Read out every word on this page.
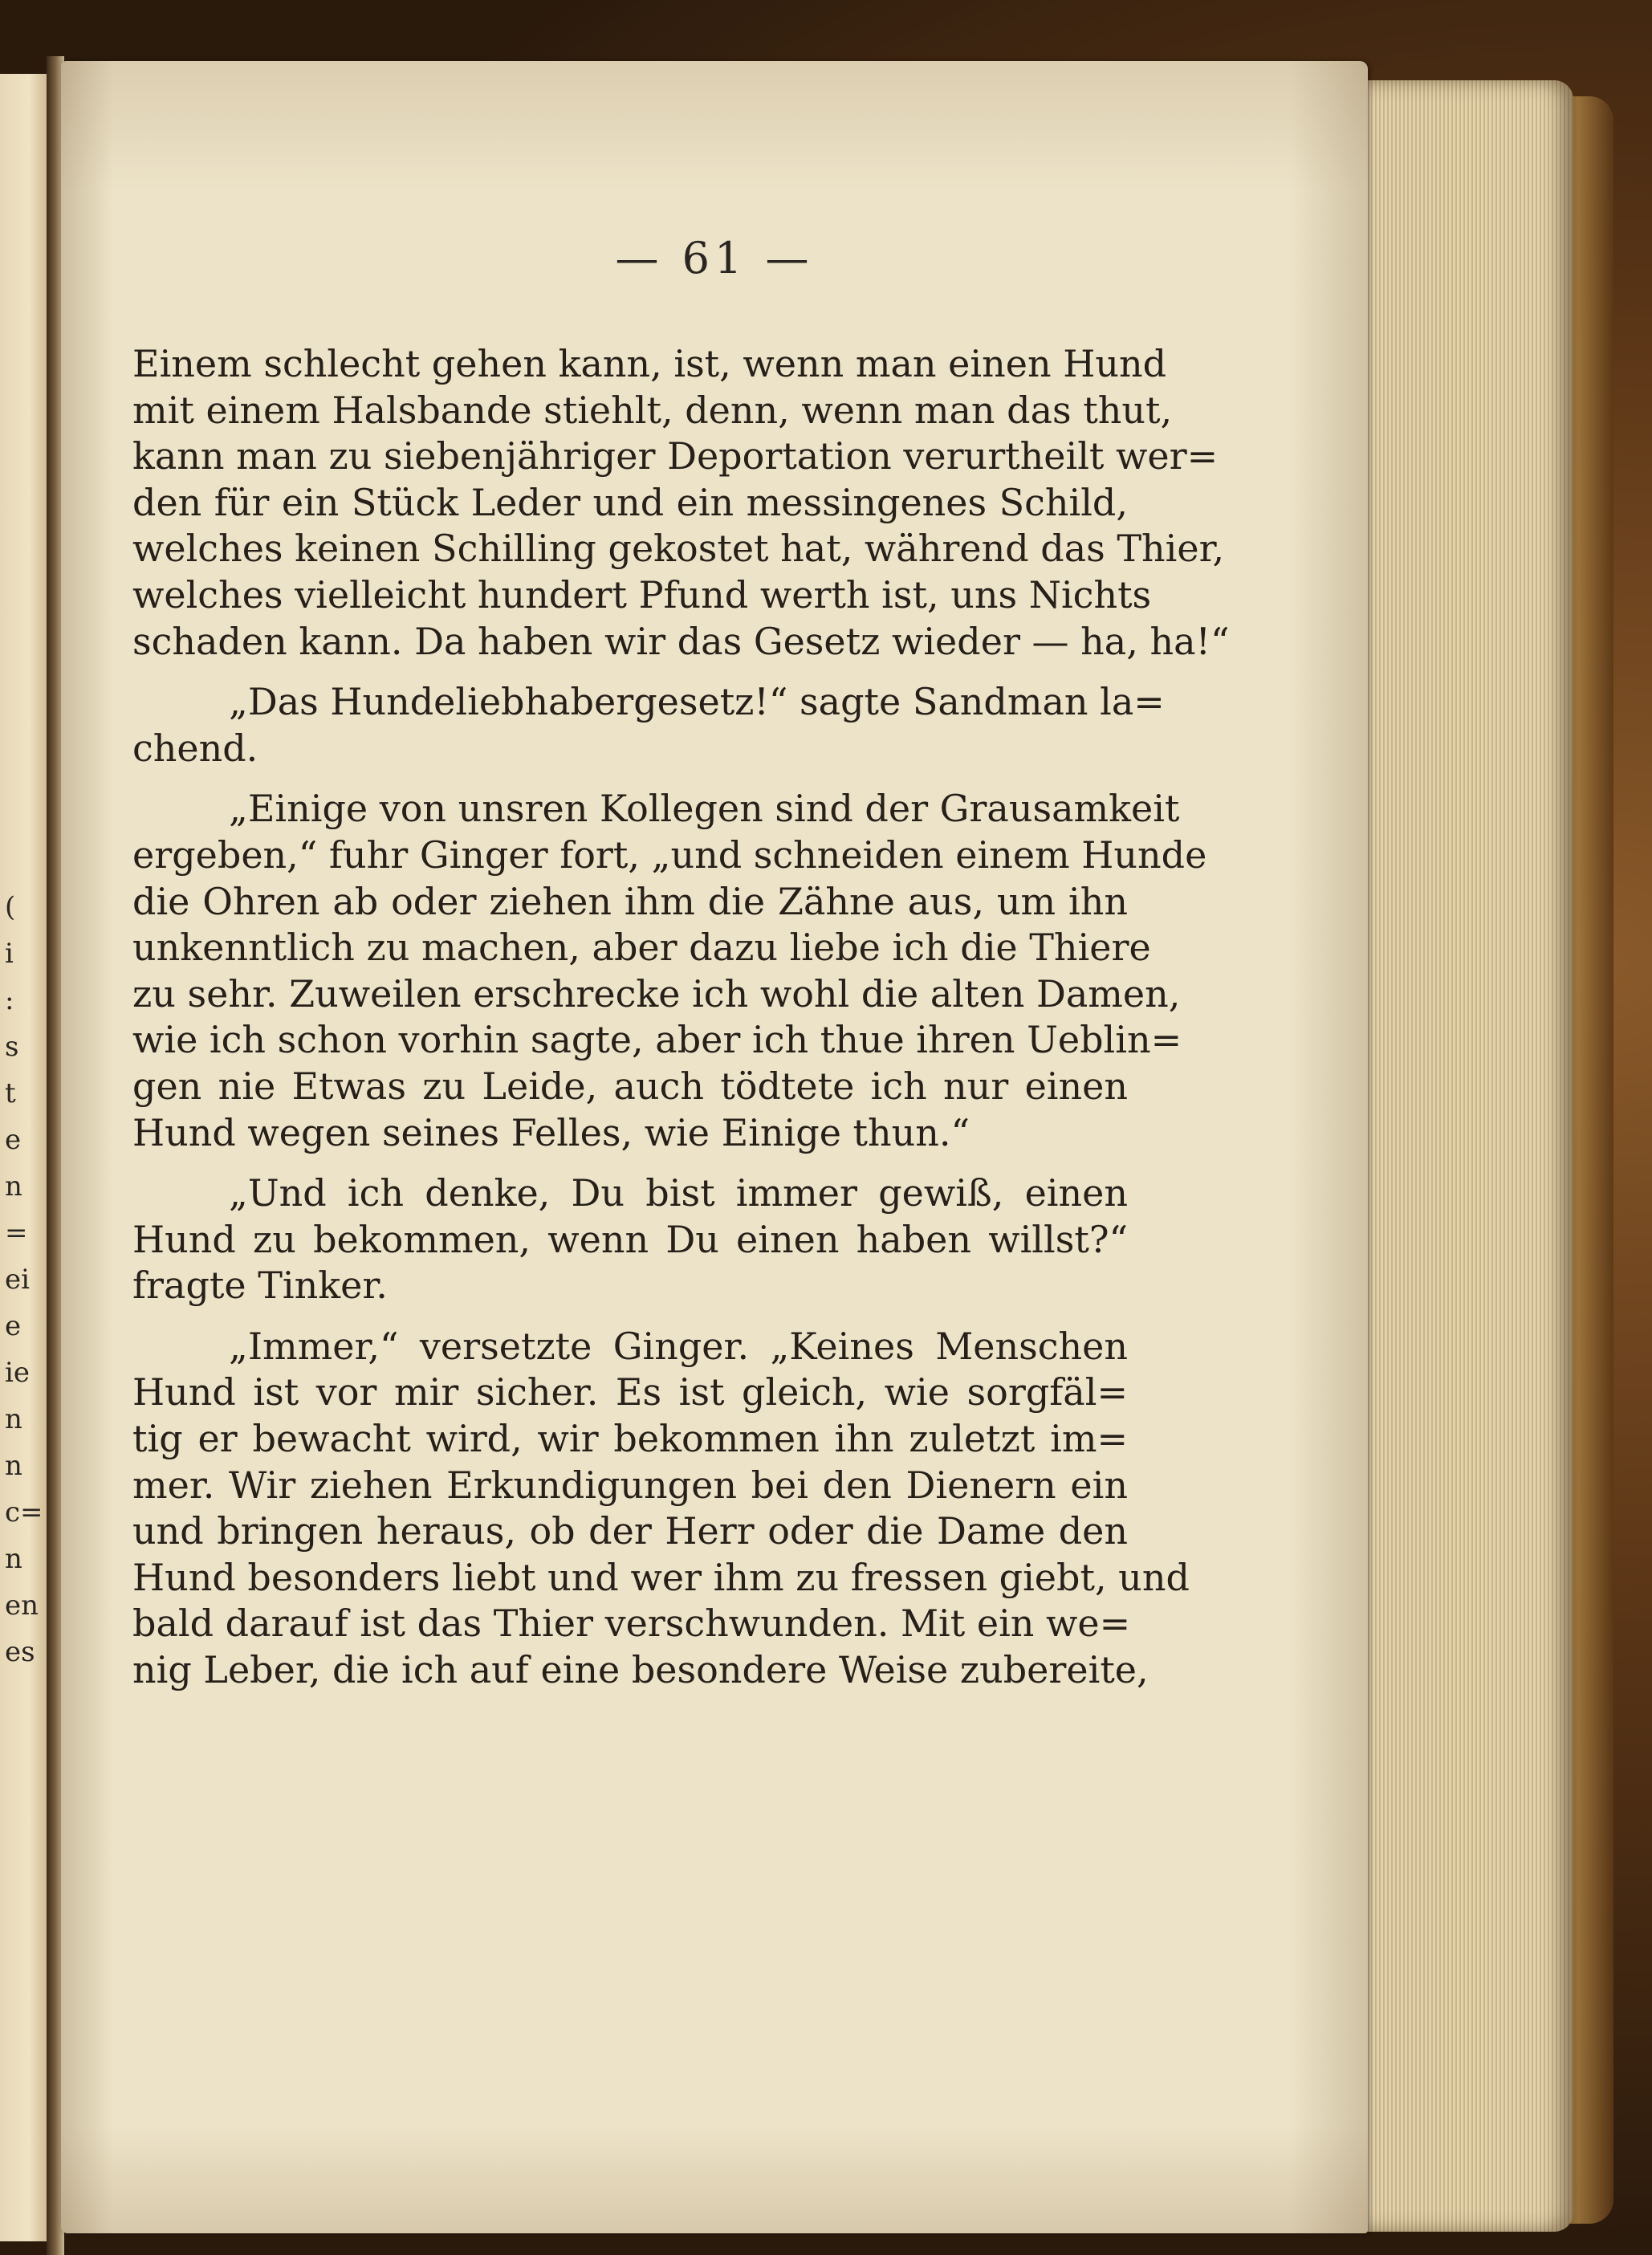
(
i
:
s
t
e
n
=
ei
e
ie
n
n
c=
n
en
es
— 61 —
Einem schlecht gehen kann, ist, wenn man einen Hund
mit einem Halsbande stiehlt, denn, wenn man das thut,
kann man zu siebenjähriger Deportation verurtheilt wer=
den für ein Stück Leder und ein messingenes Schild,
welches keinen Schilling gekostet hat, während das Thier,
welches vielleicht hundert Pfund werth ist, uns Nichts
schaden kann. Da haben wir das Gesetz wieder — ha, ha!“
„Das Hundeliebhabergesetz!“ sagte Sandman la=
chend.
„Einige von unsren Kollegen sind der Grausamkeit
ergeben,“ fuhr Ginger fort, „und schneiden einem Hunde
die Ohren ab oder ziehen ihm die Zähne aus, um ihn
unkenntlich zu machen, aber dazu liebe ich die Thiere
zu sehr. Zuweilen erschrecke ich wohl die alten Damen,
wie ich schon vorhin sagte, aber ich thue ihren Ueblin=
gen nie Etwas zu Leide, auch tödtete ich nur einen
Hund wegen seines Felles, wie Einige thun.“
„Und ich denke, Du bist immer gewiß, einen
Hund zu bekommen, wenn Du einen haben willst?“
fragte Tinker.
„Immer,“ versetzte Ginger. „Keines Menschen
Hund ist vor mir sicher. Es ist gleich, wie sorgfäl=
tig er bewacht wird, wir bekommen ihn zuletzt im=
mer. Wir ziehen Erkundigungen bei den Dienern ein
und bringen heraus, ob der Herr oder die Dame den
Hund besonders liebt und wer ihm zu fressen giebt, und
bald darauf ist das Thier verschwunden. Mit ein we=
nig Leber, die ich auf eine besondere Weise zubereite,
